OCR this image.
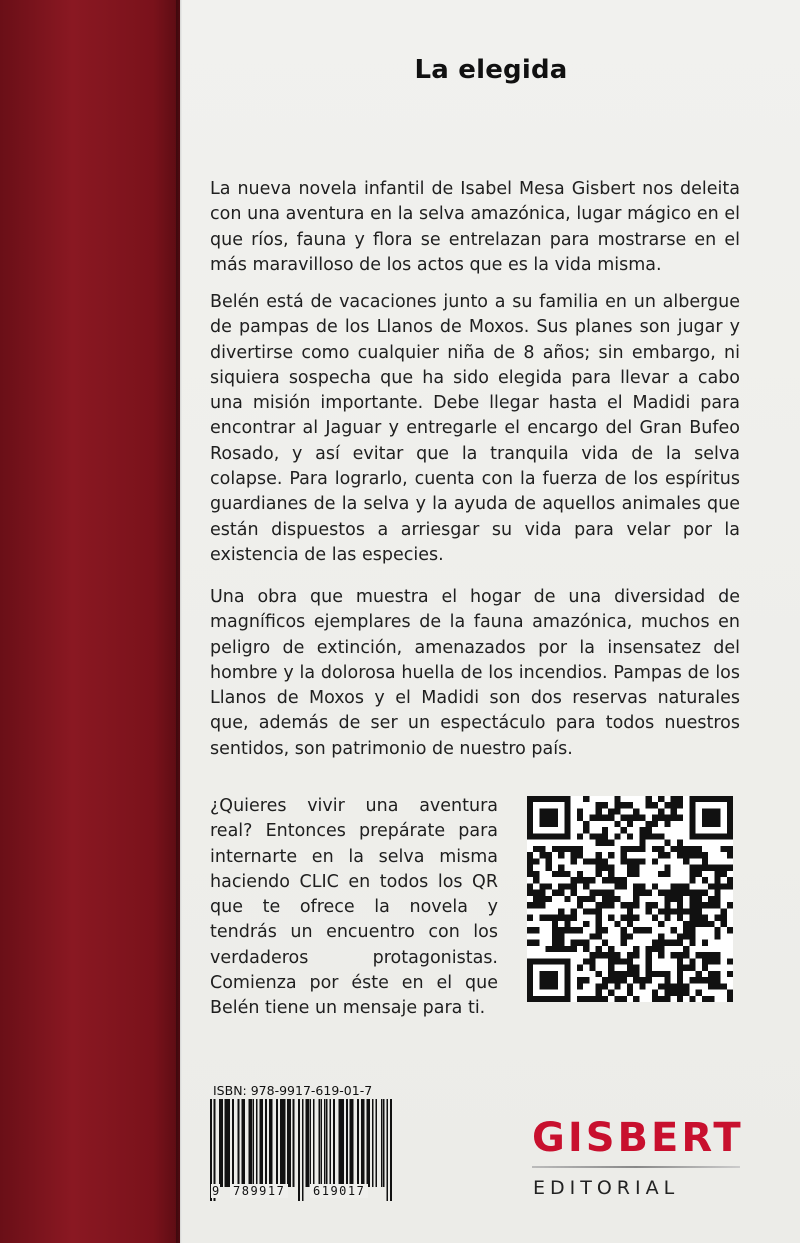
La elegida

La nueva novela infantil de Isabel Mesa Gisbert nos deleita con una aventura en la selva amazónica, lugar mágico en el que ríos, fauna y flora se entrelazan para mostrarse en el más maravilloso de los actos que es la vida misma.

Belén está de vacaciones junto a su familia en un albergue de pampas de los Llanos de Moxos. Sus planes son jugar y divertirse como cualquier niña de 8 años; sin embargo, ni siquiera sospecha que ha sido elegida para llevar a cabo una misión importante. Debe llegar hasta el Madidi para encontrar al Jaguar y entregarle el encargo del Gran Bufeo Rosado, y así evitar que la tranquila vida de la selva colapse. Para lograrlo, cuenta con la fuerza de los espíritus guardianes de la selva y la ayuda de aquellos animales que están dispuestos a arriesgar su vida para velar por la existencia de las especies.

Una obra que muestra el hogar de una diversidad de magníficos ejemplares de la fauna amazónica, muchos en peligro de extinción, amenazados por la insensatez del hombre y la dolorosa huella de los incendios. Pampas de los Llanos de Moxos y el Madidi son dos reservas naturales que, además de ser un espectáculo para todos nuestros sentidos, son patrimonio de nuestro país.

¿Quieres vivir una aventura real? Entonces prepárate para internarte en la selva misma haciendo CLIC en todos los QR que te ofrece la novela y tendrás un encuentro con los verdaderos protagonistas. Comienza por éste en el que Belén tiene un mensaje para ti.

ISBN: 978-9917-619-01-7
9 789917 619017
GISBERT
EDITORIAL
